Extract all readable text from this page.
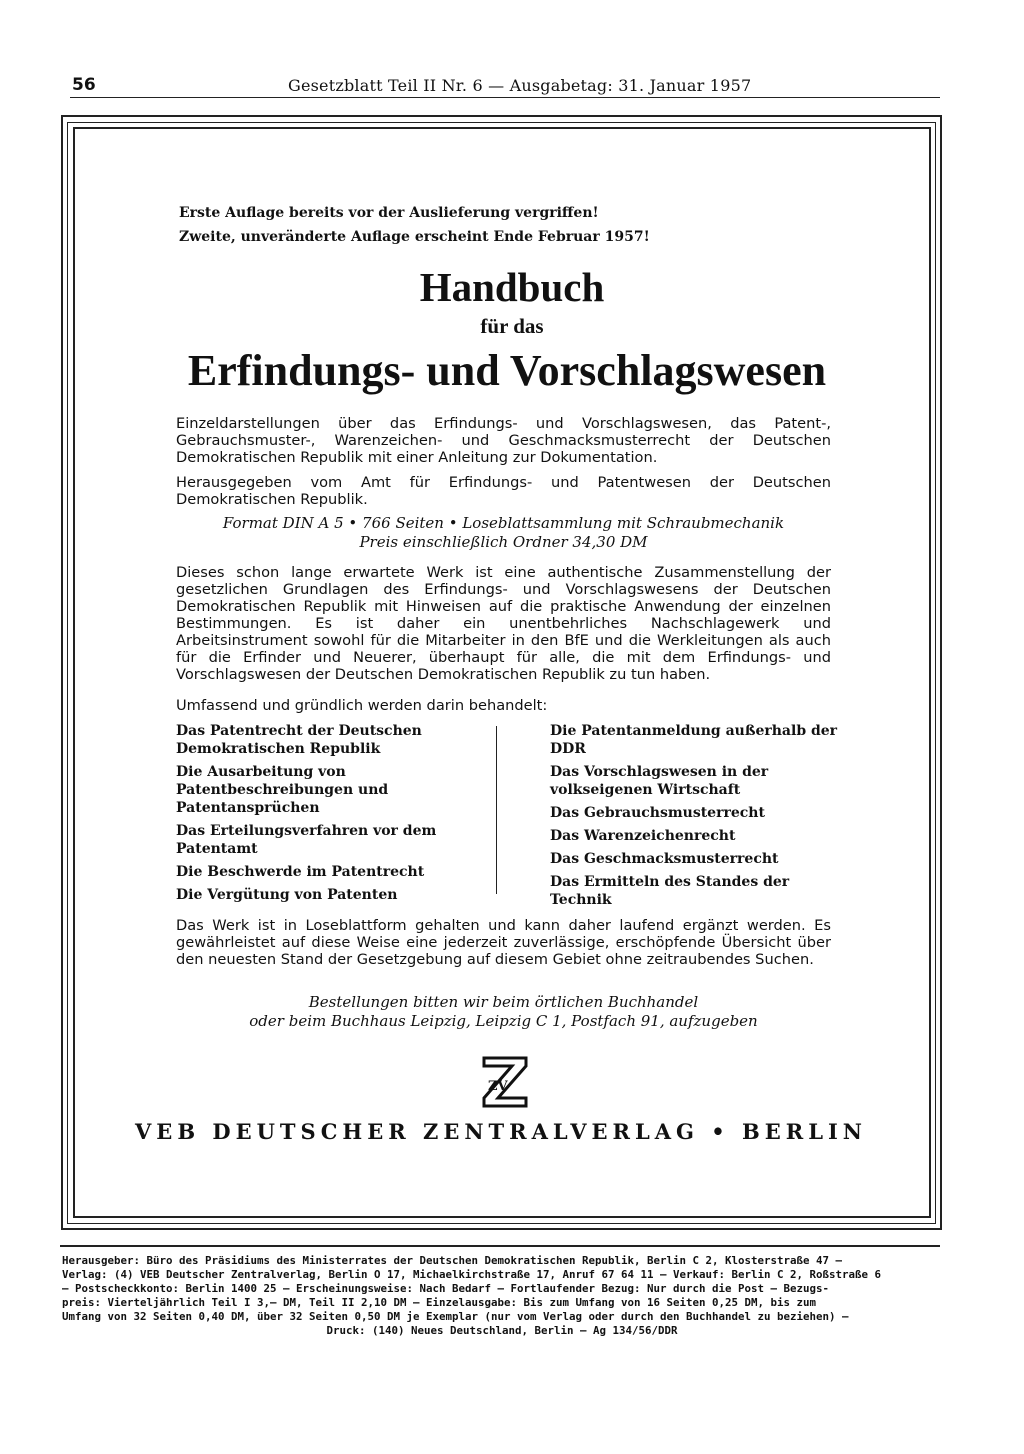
56	Gesetzblatt Teil II Nr. 6 — Ausgabetag: 31. Januar 1957
Erste Auflage bereits vor der Auslieferung vergriffen!
Zweite, unveränderte Auflage erscheint Ende Februar 1957!
Handbuch
für das
Erfindungs- und Vorschlagswesen
Einzeldarstellungen über das Erfindungs- und Vorschlagswesen, das Patent-, Gebrauchsmuster-, Warenzeichen- und Geschmacksmusterrecht der Deutschen Demokratischen Republik mit einer Anleitung zur Dokumentation.
Herausgegeben vom Amt für Erfindungs- und Patentwesen der Deutschen Demokratischen Republik.
Format DIN A 5 • 766 Seiten • Loseblattsammlung mit Schraubmechanik
Preis einschließlich Ordner 34,30 DM
Dieses schon lange erwartete Werk ist eine authentische Zusammenstellung der gesetzlichen Grundlagen des Erfindungs- und Vorschlagswesens der Deutschen Demokratischen Republik mit Hinweisen auf die praktische Anwendung der einzelnen Bestimmungen. Es ist daher ein unentbehrliches Nachschlagewerk und Arbeitsinstrument sowohl für die Mitarbeiter in den BfE und die Werkleitungen als auch für die Erfinder und Neuerer, überhaupt für alle, die mit dem Erfindungs- und Vorschlagswesen der Deutschen Demokratischen Republik zu tun haben.
Umfassend und gründlich werden darin behandelt:
Das Patentrecht der Deutschen Demokratischen Republik
Die Ausarbeitung von Patentbeschreibungen und Patentansprüchen
Das Erteilungsverfahren vor dem Patentamt
Die Beschwerde im Patentrecht
Die Vergütung von Patenten
Die Patentanmeldung außerhalb der DDR
Das Vorschlagswesen in der volkseigenen Wirtschaft
Das Gebrauchsmusterrecht
Das Warenzeichenrecht
Das Geschmacksmusterrecht
Das Ermitteln des Standes der Technik
Das Werk ist in Loseblattform gehalten und kann daher laufend ergänzt werden. Es gewährleistet auf diese Weise eine jederzeit zuverlässige, erschöpfende Übersicht über den neuesten Stand der Gesetzgebung auf diesem Gebiet ohne zeitraubendes Suchen.
Bestellungen bitten wir beim örtlichen Buchhandel
oder beim Buchhaus Leipzig, Leipzig C 1, Postfach 91, aufzugeben
ZV
VEB DEUTSCHER ZENTRALVERLAG • BERLIN
Herausgeber: Büro des Präsidiums des Ministerrates der Deutschen Demokratischen Republik, Berlin C 2, Klosterstraße 47 —
Verlag: (4) VEB Deutscher Zentralverlag, Berlin O 17, Michaelkirchstraße 17, Anruf 67 64 11 — Verkauf: Berlin C 2, Roßstraße 6
— Postscheckkonto: Berlin 1400 25 — Erscheinungsweise: Nach Bedarf — Fortlaufender Bezug: Nur durch die Post — Bezugs-
preis: Vierteljährlich Teil I 3,— DM, Teil II 2,10 DM — Einzelausgabe: Bis zum Umfang von 16 Seiten 0,25 DM, bis zum
Umfang von 32 Seiten 0,40 DM, über 32 Seiten 0,50 DM je Exemplar (nur vom Verlag oder durch den Buchhandel zu beziehen) —
Druck: (140) Neues Deutschland, Berlin — Ag 134/56/DDR
